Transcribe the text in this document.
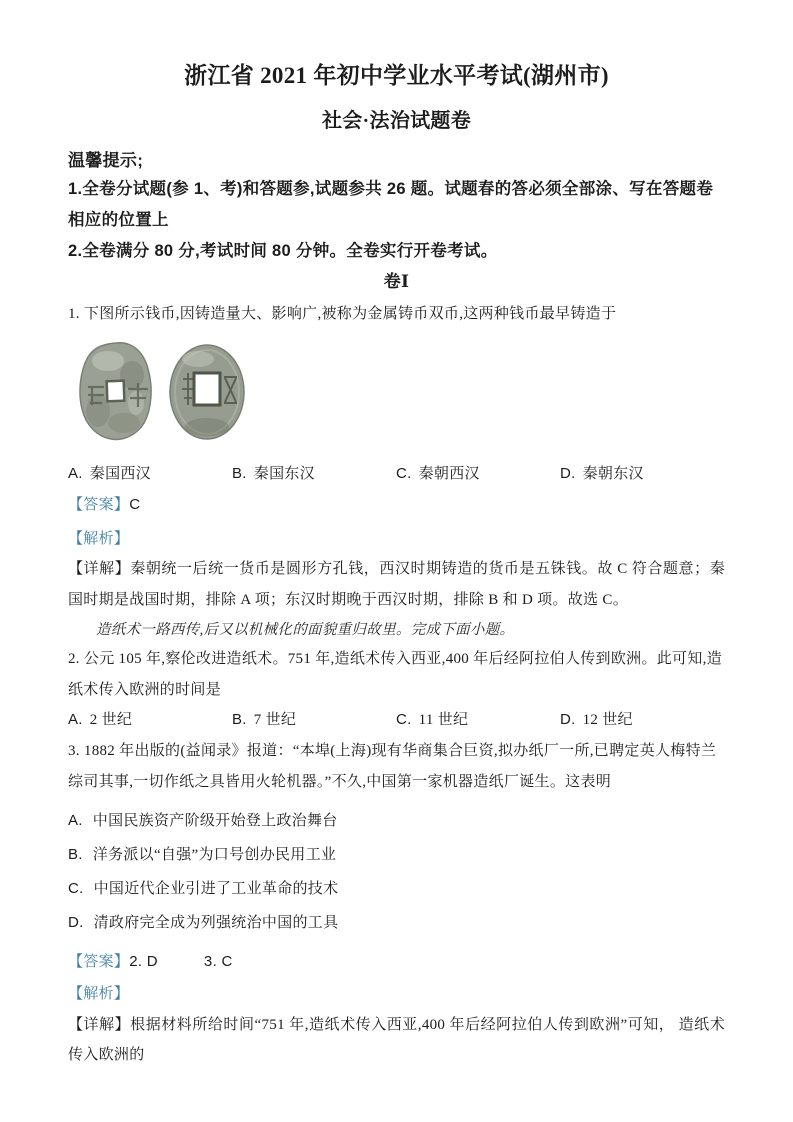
浙江省 2021 年初中学业水平考试(湖州市)
社会·法治试题卷
温馨提示;

1.全卷分试题(参 1、考)和答题参,试题参共 26 题。试题春的答必须全部涂、写在答题卷相应的位置上

2.全卷满分 80 分,考试时间 80 分钟。全卷实行开卷考试。

卷Ⅰ

1. 下图所示钱币,因铸造量大、影响广,被称为金属铸币双币,这两种钱币最早铸造于

A. 秦国西汉	B. 秦国东汉	C. 秦朝西汉	D. 秦朝东汉

【答案】C

【解析】

【详解】秦朝统一后统一货币是圆形方孔钱，西汉时期铸造的货币是五铢钱。故 C 符合题意；秦国时期是战国时期，排除 A 项；东汉时期晚于西汉时期，排除 B 和 D 项。故选 C。

造纸术一路西传,后又以机械化的面貌重归故里。完成下面小题。

2. 公元 105 年,察伦改进造纸术。751 年,造纸术传入西亚,400 年后经阿拉伯人传到欧洲。此可知,造纸术传入欧洲的时间是

A. 2 世纪	B. 7 世纪	C. 11 世纪	D. 12 世纪

3. 1882 年出版的(益闻录》报道：“本埠(上海)现有华商集合巨资,拟办纸厂一所,已聘定英人梅特兰综司其事,一切作纸之具皆用火轮机器。”不久,中国第一家机器造纸厂诞生。这表明

A. 中国民族资产阶级开始登上政治舞台
B. 洋务派以“自强”为口号创办民用工业
C. 中国近代企业引进了工业革命的技术
D. 清政府完全成为列强统治中国的工具

【答案】2. D	3. C

【解析】

【详解】根据材料所给时间“751 年,造纸术传入西亚,400 年后经阿拉伯人传到欧洲”可知， 造纸术传入欧洲的
